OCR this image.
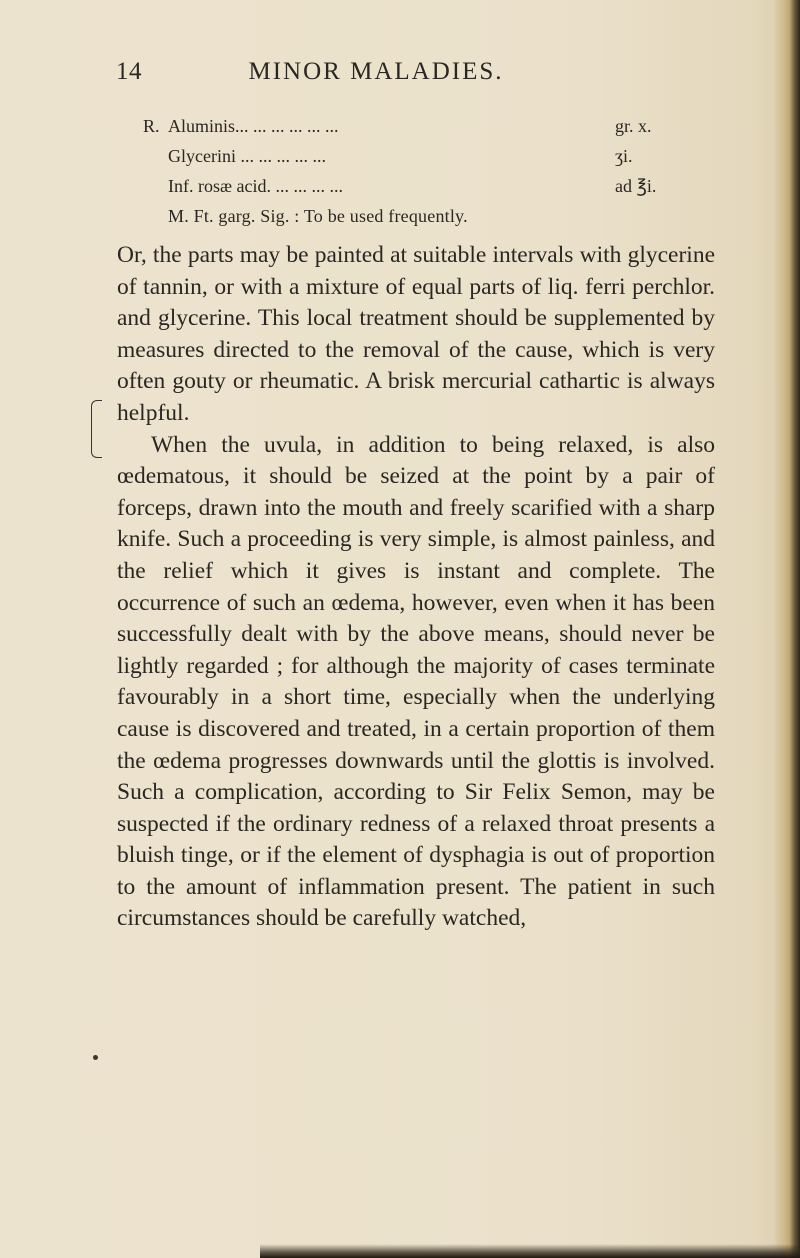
14	MINOR MALADIES.
R. Aluminis... ... ... ... ... ...	gr. x.
Glycerini ... ... ... ... ...	ʒi.
Inf. rosæ acid. ... ... ... ...	ad ℥i.
M. Ft. garg. Sig. : To be used frequently.

Or, the parts may be painted at suitable intervals with glycerine of tannin, or with a mixture of equal parts of liq. ferri perchlor. and glycerine. This local treatment should be supplemented by measures directed to the removal of the cause, which is very often gouty or rheumatic. A brisk mercurial cathartic is always helpful.

When the uvula, in addition to being relaxed, is also œdematous, it should be seized at the point by a pair of forceps, drawn into the mouth and freely scarified with a sharp knife. Such a proceeding is very simple, is almost painless, and the relief which it gives is instant and complete. The occurrence of such an œdema, however, even when it has been successfully dealt with by the above means, should never be lightly regarded ; for although the majority of cases terminate favourably in a short time, especially when the underlying cause is discovered and treated, in a certain proportion of them the œdema progresses downwards until the glottis is involved. Such a complication, according to Sir Felix Semon, may be suspected if the ordinary redness of a relaxed throat presents a bluish tinge, or if the element of dysphagia is out of proportion to the amount of inflammation present. The patient in such circumstances should be carefully watched,
